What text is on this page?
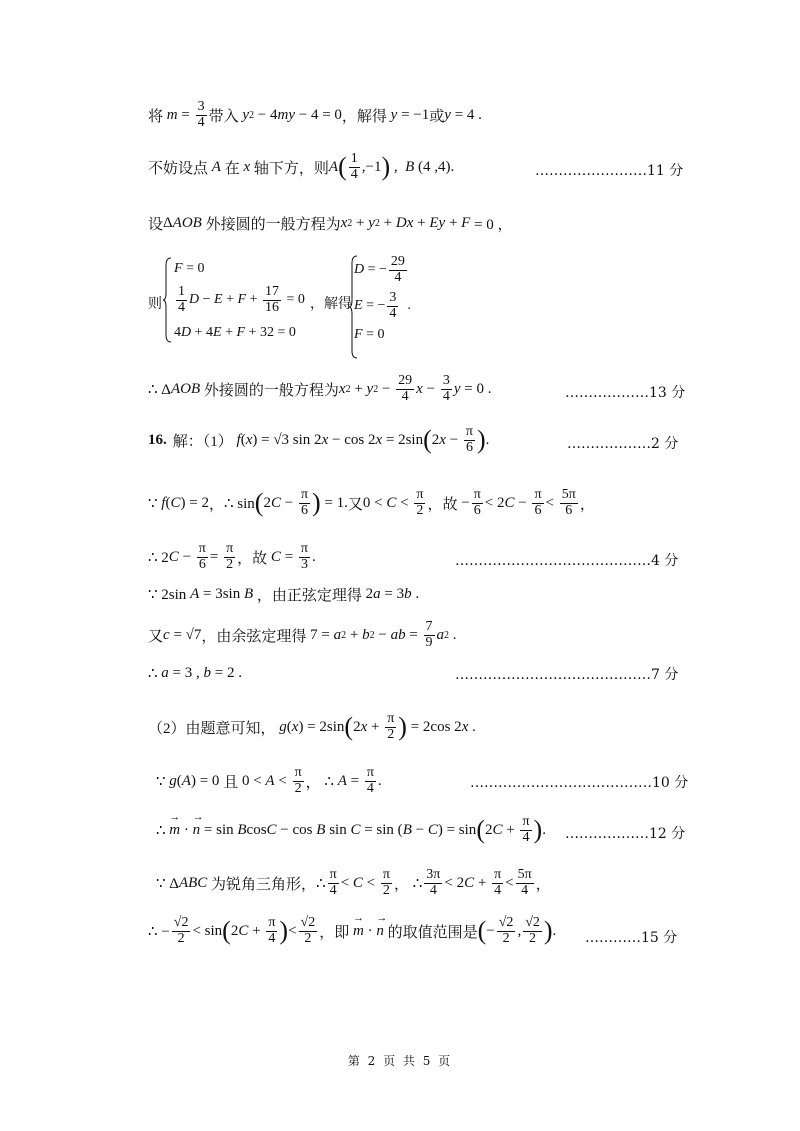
将 $m = \frac{3}{4}$ 带入
y 2 − 4 my − 4 = 0 ，解得
y = −1 或 y = 4 .
不妨设点
A
在
x
轴下方，则 A ( $\frac{1}{4} ,-1$ ) , B (4 ,4).	……………………11 分
设 Δ AOB
外接圆的一般方程为 x 2 + y 2 + Dx + Ey + F = 0 ，
则
F = 0
$\frac{1}{4}$ $D - E + F + \frac{17}{16} = 0$
4D + 4E + F + 32 = 0
，解得
D = − $\frac{29}{4}$
E = − $\frac{3}{4}$ .
F = 0
∴ Δ AOB
外接圆的一般方程为 x 2 + y $2 - \frac{29}{4}$ $x - \frac{3}{4}$ y = 0 .	………………13 分
16. 解：（1）
f ( x ) = √3 sin 2 x − cos 2 x = 2sin ( 2 $x - \frac{\pi}{6}$ ) .	………………2 分
∵ f ( C ) = 2 ， ∴ sin ( 2 $C - \frac{\pi}{6}$ ) = 1. 又 $0 < C < \frac{\pi}{2}$ ，故 − $\frac{\pi}{6} < 2$ $C - \frac{\pi}{6} < \frac{5\pi}{6}$ ，
∴ 2 $C - \frac{\pi}{6} = \frac{\pi}{2}$ ，故
$C = \frac{\pi}{3}$ .	……………………………………4 分
∵ 2sin A = 3sin B
，由正弦定理得 2 a = 3 b .
又 c = √7 ，由余弦定理得 7 = a 2 + b 2 − ab = $\frac{7}{9}$ a 2 .
∴ a = 3 , b = 2 .	……………………………………7 分
（2）由题意可知，
g ( x ) = 2sin ( 2 $x + \frac{\pi}{2}$ ) = 2cos 2 x .
∵ g ( A ) = 0 且 $0 < A < \frac{\pi}{2}$ ， ∴ $A = \frac{\pi}{4}$ .	…………………………………10 分
∴ → m · → n = sin B cos C − cos B sin C = sin ( B − C ) = sin ( 2 $C + \frac{\pi}{4}$ ) . ………………12 分
∵ Δ ABC
为锐角三角形， ∴ $\frac{\pi}{4} < C < \frac{\pi}{2}$ ， ∴ $\frac{3\pi}{4} < 2$ $C + \frac{\pi}{4} < \frac{5\pi}{4}$ ，
∴ − $\frac{√2}{2} < \sin$ ( 2 $C + \frac{\pi}{4}$ ) < $\frac{√2}{2}$ ，即
→ m · → n
的取值范围是 ( − $\frac{√2}{2}$ , $\frac{√2}{2}$ ) . …………15 分
第 2 页 共 5 页
